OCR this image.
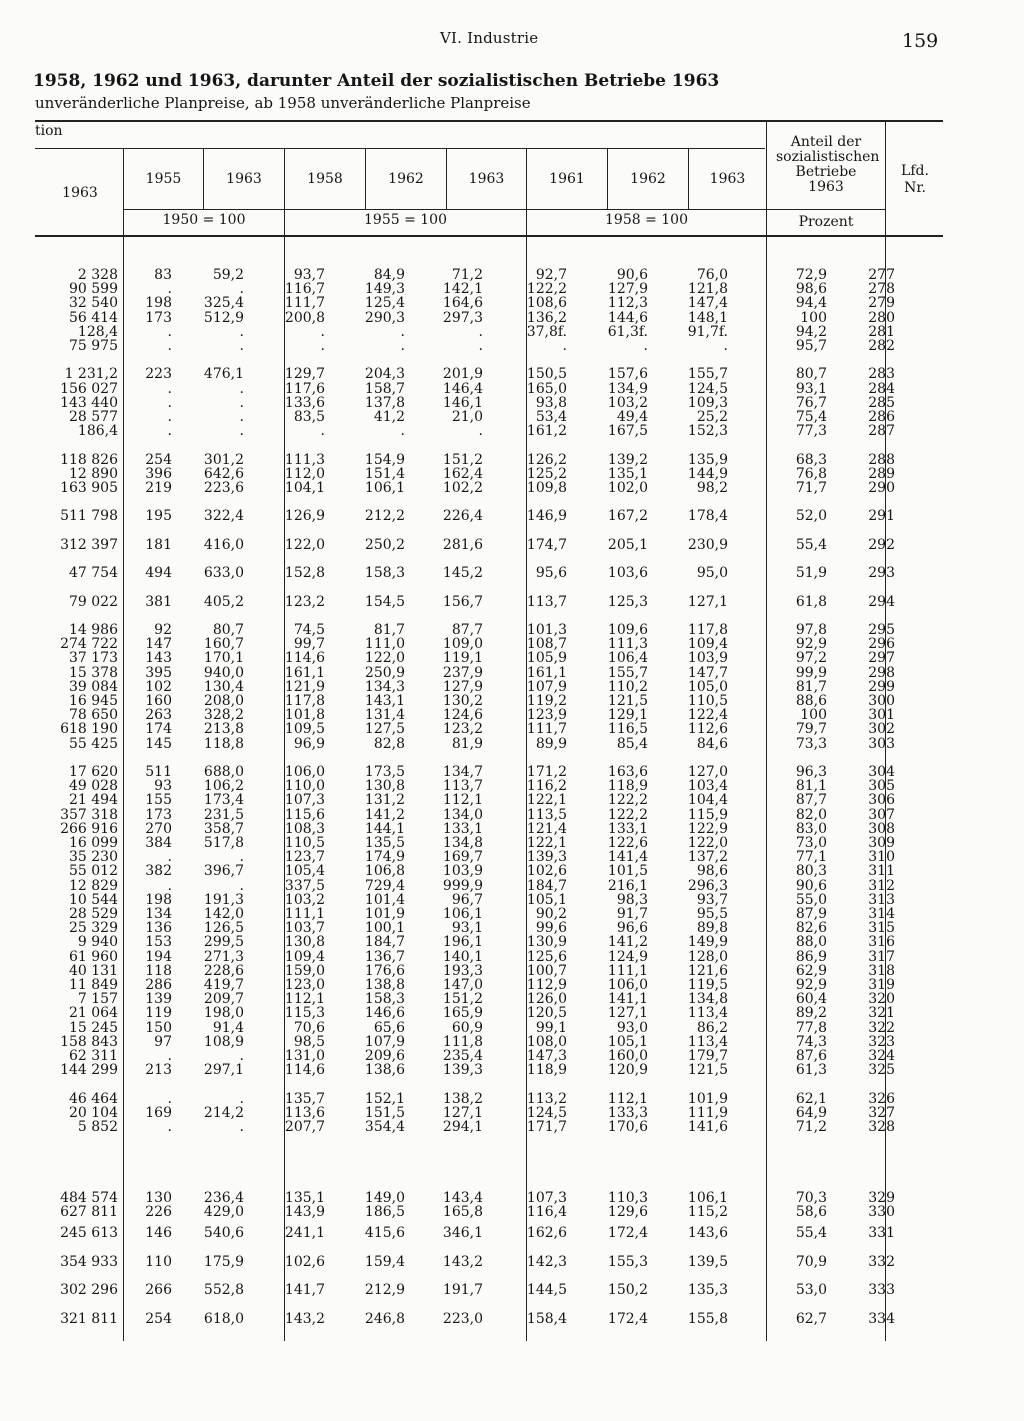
VI. Industrie	159
1958, 1962 und 1963, darunter Anteil der sozialistischen Betriebe 1963
unveränderliche Planpreise, ab 1958 unveränderliche Planpreise
tion
1963
1955	1963	1958	1962	1963	1961	1962	1963
Anteil der sozialistischen Betriebe 1963
Lfd. Nr.
1950 = 100	1955 = 100	1958 = 100	Prozent
2 328	83	59,2	93,7	84,9	71,2	92,7	90,6	76,0	72,9	277	
90 599	.	.	116,7	149,3	142,1	122,2	127,9	121,8	98,6	278	
32 540	198	325,4	111,7	125,4	164,6	108,6	112,3	147,4	94,4	279	
56 414	173	512,9	200,8	290,3	297,3	136,2	144,6	148,1	100	280	
128,4	.	.	.	.	.	37,8f.	61,3f.	91,7f.	94,2	281	
75 975	.	.	.	.	.	.	.	.	95,7	282	

1 231,2	223	476,1	129,7	204,3	201,9	150,5	157,6	155,7	80,7	283	
156 027	.	.	117,6	158,7	146,4	165,0	134,9	124,5	93,1	284	
143 440	.	.	133,6	137,8	146,1	93,8	103,2	109,3	76,7	285	
28 577	.	.	83,5	41,2	21,0	53,4	49,4	25,2	75,4	286	
186,4	.	.	.	.	.	161,2	167,5	152,3	77,3	287	

118 826	254	301,2	111,3	154,9	151,2	126,2	139,2	135,9	68,3	288	
12 890	396	642,6	112,0	151,4	162,4	125,2	135,1	144,9	76,8	289	
163 905	219	223,6	104,1	106,1	102,2	109,8	102,0	98,2	71,7	290	

511 798	195	322,4	126,9	212,2	226,4	146,9	167,2	178,4	52,0	291	

312 397	181	416,0	122,0	250,2	281,6	174,7	205,1	230,9	55,4	292	

47 754	494	633,0	152,8	158,3	145,2	95,6	103,6	95,0	51,9	293	

79 022	381	405,2	123,2	154,5	156,7	113,7	125,3	127,1	61,8	294	

14 986	92	80,7	74,5	81,7	87,7	101,3	109,6	117,8	97,8	295	
274 722	147	160,7	99,7	111,0	109,0	108,7	111,3	109,4	92,9	296	
37 173	143	170,1	114,6	122,0	119,1	105,9	106,4	103,9	97,2	297	
15 378	395	940,0	161,1	250,9	237,9	161,1	155,7	147,7	99,9	298	
39 084	102	130,4	121,9	134,3	127,9	107,9	110,2	105,0	81,7	299	
16 945	160	208,0	117,8	143,1	130,2	119,2	121,5	110,5	88,6	300	
78 650	263	328,2	101,8	131,4	124,6	123,9	129,1	122,4	100	301	
618 190	174	213,8	109,5	127,5	123,2	111,7	116,5	112,6	79,7	302	
55 425	145	118,8	96,9	82,8	81,9	89,9	85,4	84,6	73,3	303	

17 620	511	688,0	106,0	173,5	134,7	171,2	163,6	127,0	96,3	304	
49 028	93	106,2	110,0	130,8	113,7	116,2	118,9	103,4	81,1	305	
21 494	155	173,4	107,3	131,2	112,1	122,1	122,2	104,4	87,7	306	
357 318	173	231,5	115,6	141,2	134,0	113,5	122,2	115,9	82,0	307	
266 916	270	358,7	108,3	144,1	133,1	121,4	133,1	122,9	83,0	308	
16 099	384	517,8	110,5	135,5	134,8	122,1	122,6	122,0	73,0	309	
35 230	.	.	123,7	174,9	169,7	139,3	141,4	137,2	77,1	310	
55 012	382	396,7	105,4	106,8	103,9	102,6	101,5	98,6	80,3	311	
12 829	.	.	337,5	729,4	999,9	184,7	216,1	296,3	90,6	312	
10 544	198	191,3	103,2	101,4	96,7	105,1	98,3	93,7	55,0	313	
28 529	134	142,0	111,1	101,9	106,1	90,2	91,7	95,5	87,9	314	
25 329	136	126,5	103,7	100,1	93,1	99,6	96,6	89,8	82,6	315	
9 940	153	299,5	130,8	184,7	196,1	130,9	141,2	149,9	88,0	316	
61 960	194	271,3	109,4	136,7	140,1	125,6	124,9	128,0	86,9	317	
40 131	118	228,6	159,0	176,6	193,3	100,7	111,1	121,6	62,9	318	
11 849	286	419,7	123,0	138,8	147,0	112,9	106,0	119,5	92,9	319	
7 157	139	209,7	112,1	158,3	151,2	126,0	141,1	134,8	60,4	320	
21 064	119	198,0	115,3	146,6	165,9	120,5	127,1	113,4	89,2	321	
15 245	150	91,4	70,6	65,6	60,9	99,1	93,0	86,2	77,8	322	
158 843	97	108,9	98,5	107,9	111,8	108,0	105,1	113,4	74,3	323	
62 311	.	.	131,0	209,6	235,4	147,3	160,0	179,7	87,6	324	
144 299	213	297,1	114,6	138,6	139,3	118,9	120,9	121,5	61,3	325	

46 464	.	.	135,7	152,1	138,2	113,2	112,1	101,9	62,1	326	
20 104	169	214,2	113,6	151,5	127,1	124,5	133,3	111,9	64,9	327	
5 852	.	.	207,7	354,4	294,1	171,7	170,6	141,6	71,2	328	

484 574	130	236,4	135,1	149,0	143,4	107,3	110,3	106,1	70,3	329	
627 811	226	429,0	143,9	186,5	165,8	116,4	129,6	115,2	58,6	330	
245 613	146	540,6	241,1	415,6	346,1	162,6	172,4	143,6	55,4	331	
354 933	110	175,9	102,6	159,4	143,2	142,3	155,3	139,5	70,9	332	
302 296	266	552,8	141,7	212,9	191,7	144,5	150,2	135,3	53,0	333	
321 811	254	618,0	143,2	246,8	223,0	158,4	172,4	155,8	62,7	334	
